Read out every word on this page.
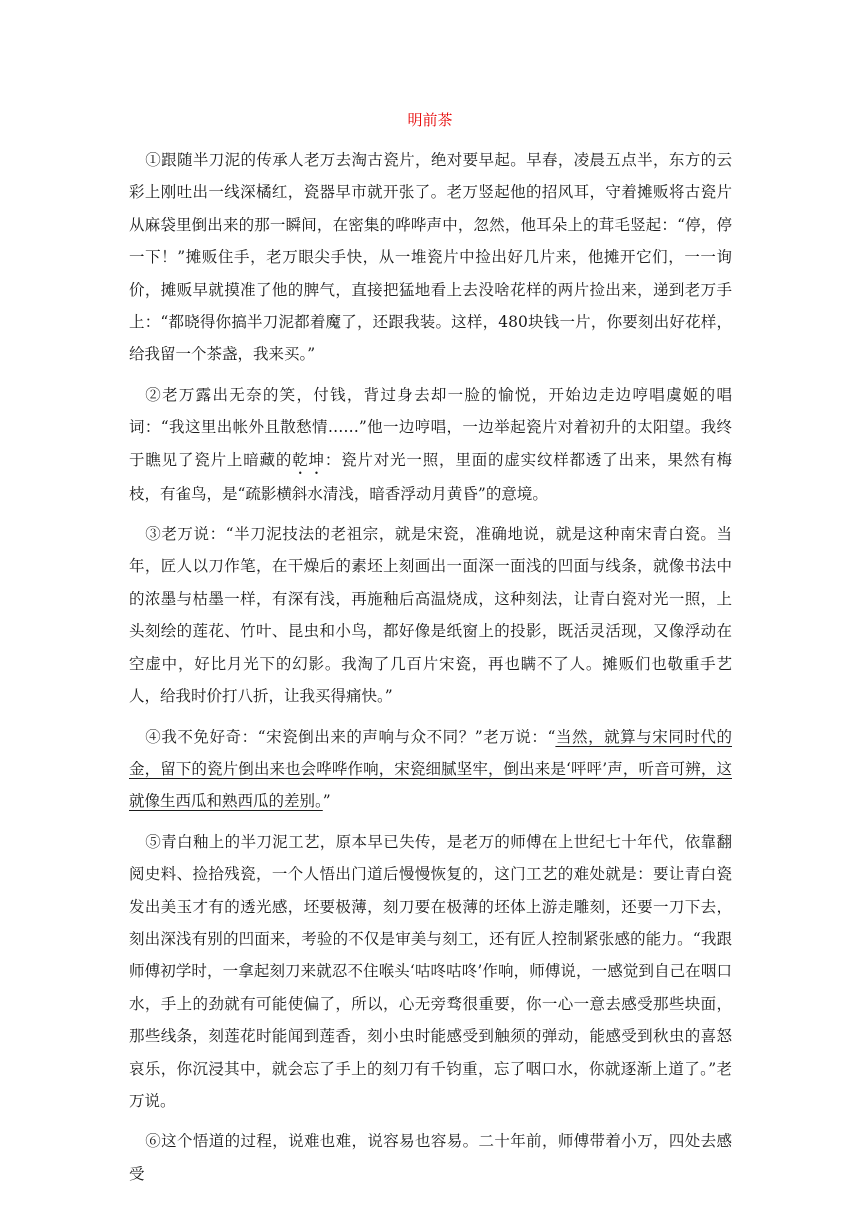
明前茶

①跟随半刀泥的传承人老万去淘古瓷片，绝对要早起。早春，凌晨五点半，东方的云彩上刚吐出一线深橘红，瓷器早市就开张了。老万竖起他的招风耳，守着摊贩将古瓷片从麻袋里倒出来的那一瞬间，在密集的哗哗声中，忽然，他耳朵上的茸毛竖起：“停，停一下！”摊贩住手，老万眼尖手快，从一堆瓷片中捡出好几片来，他摊开它们，一一询价，摊贩早就摸准了他的脾气，直接把猛地看上去没啥花样的两片捡出来，递到老万手上：“都晓得你搞半刀泥都着魔了，还跟我装。这样，480块钱一片，你要刻出好花样，给我留一个茶盏，我来买。”

②老万露出无奈的笑，付钱，背过身去却一脸的愉悦，开始边走边哼唱虞姬的唱词：“我这里出帐外且散愁情……”他一边哼唱，一边举起瓷片对着初升的太阳望。我终于瞧见了瓷片上暗藏的乾坤：瓷片对光一照，里面的虚实纹样都透了出来，果然有梅枝，有雀鸟，是“疏影横斜水清浅，暗香浮动月黄昏”的意境。

③老万说：“半刀泥技法的老祖宗，就是宋瓷，准确地说，就是这种南宋青白瓷。当年，匠人以刀作笔，在干燥后的素坯上刻画出一面深一面浅的凹面与线条，就像书法中的浓墨与枯墨一样，有深有浅，再施釉后高温烧成，这种刻法，让青白瓷对光一照，上头刻绘的莲花、竹叶、昆虫和小鸟，都好像是纸窗上的投影，既活灵活现，又像浮动在空虚中，好比月光下的幻影。我淘了几百片宋瓷，再也瞒不了人。摊贩们也敬重手艺人，给我时价打八折，让我买得痛快。”

④我不免好奇：“宋瓷倒出来的声响与众不同？”老万说：“当然，就算与宋同时代的金，留下的瓷片倒出来也会哗哗作响，宋瓷细腻坚牢，倒出来是‘呯呯’声，听音可辨，这就像生西瓜和熟西瓜的差别。”

⑤青白釉上的半刀泥工艺，原本早已失传，是老万的师傅在上世纪七十年代，依靠翻阅史料、捡拾残瓷，一个人悟出门道后慢慢恢复的，这门工艺的难处就是：要让青白瓷发出美玉才有的透光感，坯要极薄，刻刀要在极薄的坯体上游走雕刻，还要一刀下去，刻出深浅有别的凹面来，考验的不仅是审美与刻工，还有匠人控制紧张感的能力。“我跟师傅初学时，一拿起刻刀来就忍不住喉头‘咕咚咕咚’作响，师傅说，一感觉到自己在咽口水，手上的劲就有可能使偏了，所以，心无旁骛很重要，你一心一意去感受那些块面，那些线条，刻莲花时能闻到莲香，刻小虫时能感受到触须的弹动，能感受到秋虫的喜怒哀乐，你沉浸其中，就会忘了手上的刻刀有千钧重，忘了咽口水，你就逐渐上道了。”老万说。

⑥这个悟道的过程，说难也难，说容易也容易。二十年前，师傅带着小万，四处去感受
